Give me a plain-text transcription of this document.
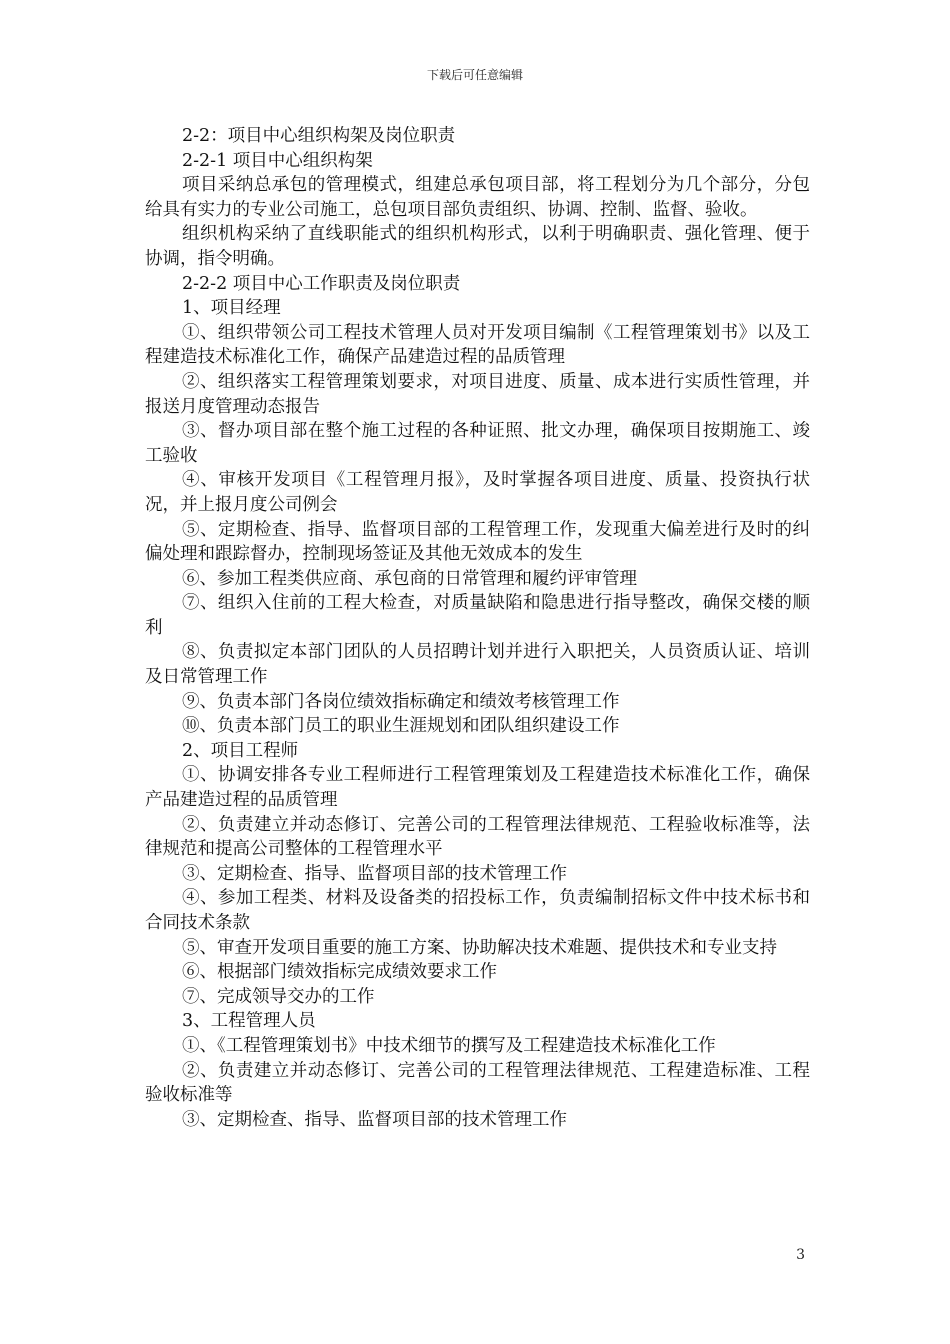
下载后可任意编辑

2-2：项目中心组织构架及岗位职责

2-2-1 项目中心组织构架

项目采纳总承包的管理模式，组建总承包项目部，将工程划分为几个部分，分包给具有实力的专业公司施工，总包项目部负责组织、协调、控制、监督、验收。

组织机构采纳了直线职能式的组织机构形式，以利于明确职责、强化管理、便于协调，指令明确。

2-2-2 项目中心工作职责及岗位职责

1、项目经理

①、组织带领公司工程技术管理人员对开发项目编制《工程管理策划书》以及工程建造技术标准化工作，确保产品建造过程的品质管理

②、组织落实工程管理策划要求，对项目进度、质量、成本进行实质性管理，并报送月度管理动态报告

③、督办项目部在整个施工过程的各种证照、批文办理，确保项目按期施工、竣工验收

④、审核开发项目《工程管理月报》，及时掌握各项目进度、质量、投资执行状况，并上报月度公司例会

⑤、定期检查、指导、监督项目部的工程管理工作，发现重大偏差进行及时的纠偏处理和跟踪督办，控制现场签证及其他无效成本的发生

⑥、参加工程类供应商、承包商的日常管理和履约评审管理

⑦、组织入住前的工程大检查，对质量缺陷和隐患进行指导整改，确保交楼的顺利

⑧、负责拟定本部门团队的人员招聘计划并进行入职把关，人员资质认证、培训及日常管理工作

⑨、负责本部门各岗位绩效指标确定和绩效考核管理工作

⑩、负责本部门员工的职业生涯规划和团队组织建设工作

2、项目工程师

①、协调安排各专业工程师进行工程管理策划及工程建造技术标准化工作，确保产品建造过程的品质管理

②、负责建立并动态修订、完善公司的工程管理法律规范、工程验收标准等，法律规范和提高公司整体的工程管理水平

③、定期检查、指导、监督项目部的技术管理工作

④、参加工程类、材料及设备类的招投标工作，负责编制招标文件中技术标书和合同技术条款

⑤、审查开发项目重要的施工方案、协助解决技术难题、提供技术和专业支持

⑥、根据部门绩效指标完成绩效要求工作

⑦、完成领导交办的工作

3、工程管理人员

①、《工程管理策划书》中技术细节的撰写及工程建造技术标准化工作

②、负责建立并动态修订、完善公司的工程管理法律规范、工程建造标准、工程验收标准等

③、定期检查、指导、监督项目部的技术管理工作

3
